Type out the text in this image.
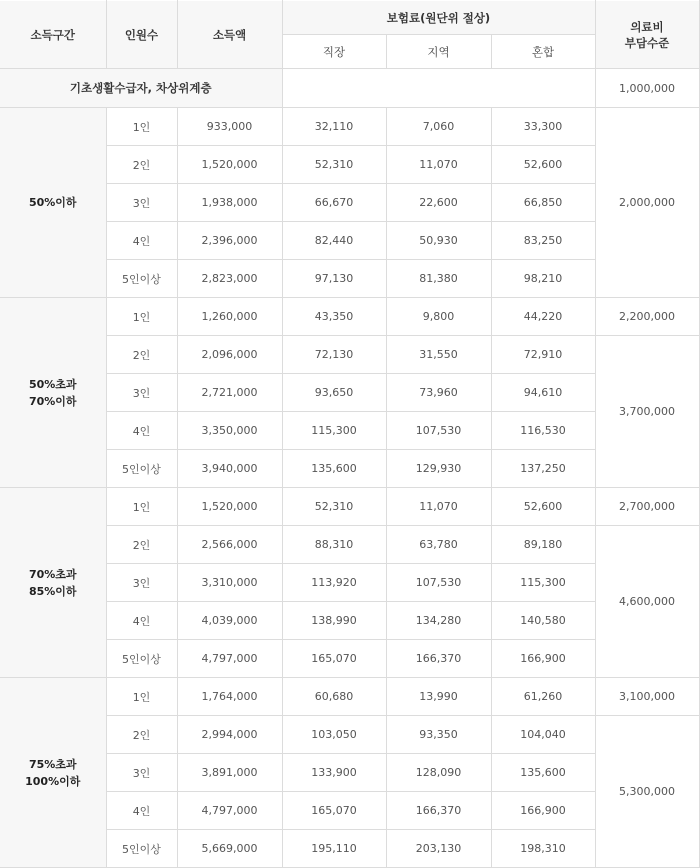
소득구간	인원수	소득액	보험료(원단위 절상)			의료비
부담수준

			직장	지역	혼합	
기초생활수급자, 차상위계층						1,000,000

50%이하	1인	933,000	32,110	7,060	33,300	2,000,000
	2인	1,520,000	52,310	11,070	52,600	
	3인	1,938,000	66,670	22,600	66,850	
	4인	2,396,000	82,440	50,930	83,250	
	5인이상	2,823,000	97,130	81,380	98,210	

50%초과
70%이하	1인	1,260,000	43,350	9,800	44,220	2,200,000
	2인	2,096,000	72,130	31,550	72,910	3,700,000
	3인	2,721,000	93,650	73,960	94,610	
	4인	3,350,000	115,300	107,530	116,530	
	5인이상	3,940,000	135,600	129,930	137,250	

70%초과
85%이하	1인	1,520,000	52,310	11,070	52,600	2,700,000
	2인	2,566,000	88,310	63,780	89,180	4,600,000
	3인	3,310,000	113,920	107,530	115,300	
	4인	4,039,000	138,990	134,280	140,580	
	5인이상	4,797,000	165,070	166,370	166,900	

75%초과
100%이하	1인	1,764,000	60,680	13,990	61,260	3,100,000
	2인	2,994,000	103,050	93,350	104,040	5,300,000
	3인	3,891,000	133,900	128,090	135,600	
	4인	4,797,000	165,070	166,370	166,900	
	5인이상	5,669,000	195,110	203,130	198,310	
